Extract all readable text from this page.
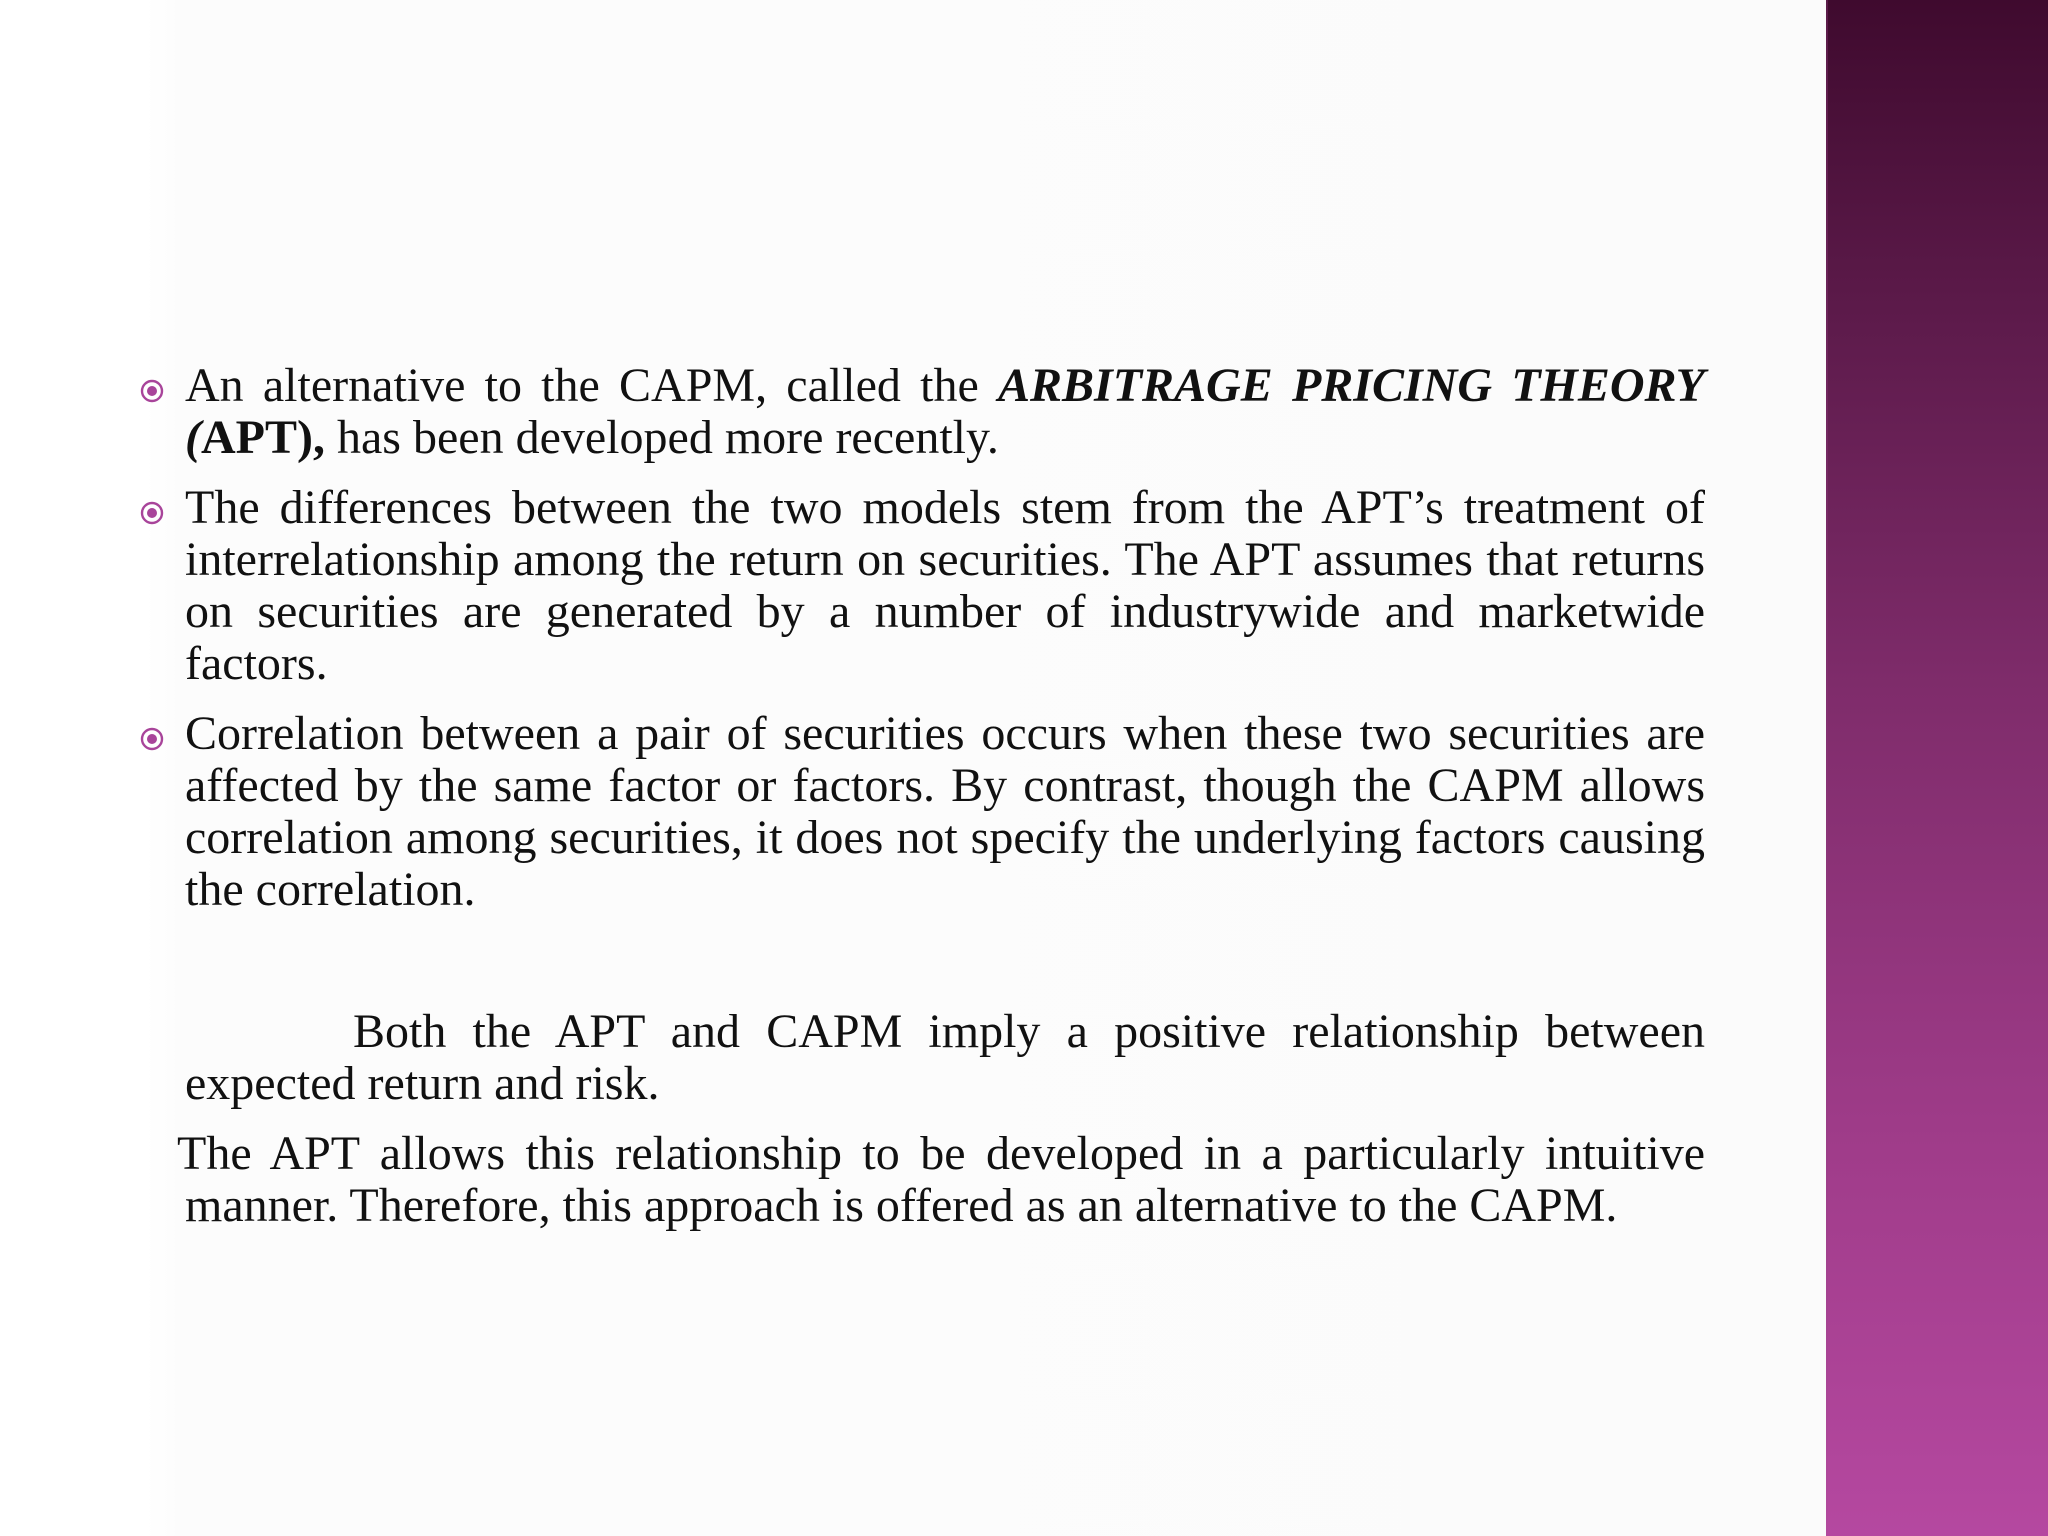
An alternative to the CAPM, called the ARBITRAGE PRICING THEORY (APT), has been developed more recently.
The differences between the two models stem from the APT’s treatment of interrelationship among the return on securities. The APT assumes that returns on securities are generated by a number of industrywide and marketwide factors.
Correlation between a pair of securities occurs when these two securities are affected by the same factor or factors. By contrast, though the CAPM allows correlation among securities, it does not specify the underlying factors causing the correlation.
Both the APT and CAPM imply a positive relationship between expected return and risk.
The APT allows this relationship to be developed in a particularly intuitive manner. Therefore, this approach is offered as an alternative to the CAPM.
